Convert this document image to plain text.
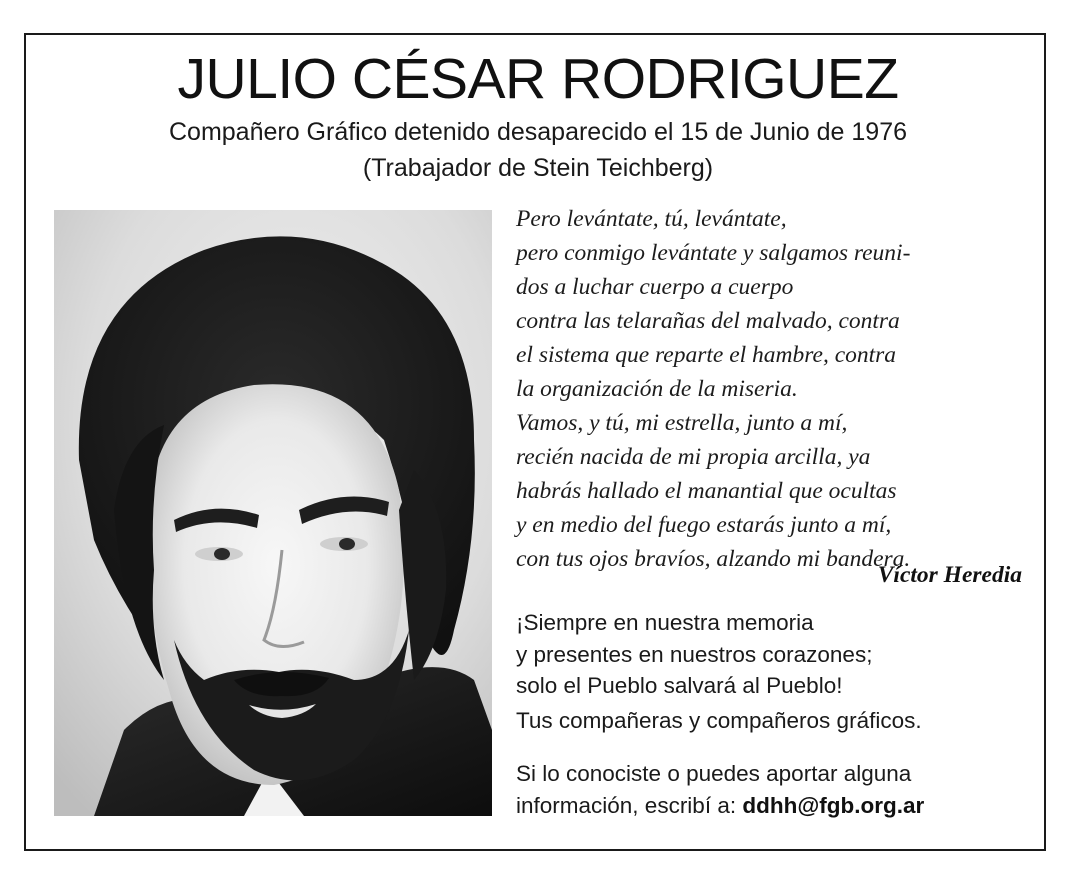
JULIO CÉSAR RODRIGUEZ
Compañero Gráfico detenido desaparecido el 15 de Junio de 1976
(Trabajador de Stein Teichberg)
Pero levántate, tú, levántate,
pero conmigo levántate y salgamos reuni-
dos a luchar cuerpo a cuerpo
contra las telarañas del malvado, contra
el sistema que reparte el hambre, contra
la organización de la miseria.
Vamos, y tú, mi estrella, junto a mí,
recién nacida de mi propia arcilla, ya
habrás hallado el manantial que ocultas
y en medio del fuego estarás junto a mí,
con tus ojos bravíos, alzando mi bandera.
Víctor Heredia
¡Siempre en nuestra memoria
y presentes en nuestros corazones;
solo el Pueblo salvará al Pueblo!
Tus compañeras y compañeros gráficos.
Si lo conociste o puedes aportar alguna
información, escribí a: ddhh@fgb.org.ar
